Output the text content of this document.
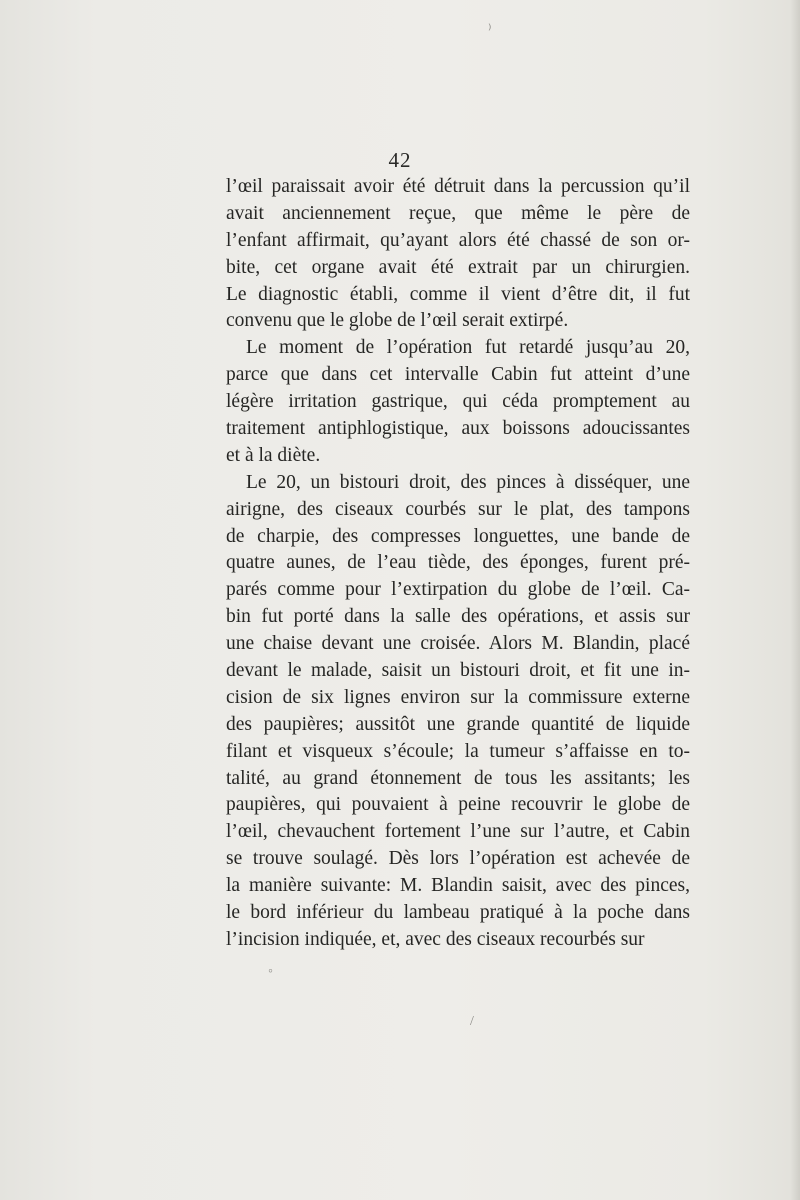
42
l’œil paraissait avoir été détruit dans la percussion qu’il
avait anciennement reçue, que même le père de
l’enfant affirmait, qu’ayant alors été chassé de son or-
bite, cet organe avait été extrait par un chirurgien.
Le diagnostic établi, comme il vient d’être dit, il fut
convenu que le globe de l’œil serait extirpé.
Le moment de l’opération fut retardé jusqu’au 20,
parce que dans cet intervalle Cabin fut atteint d’une
légère irritation gastrique, qui céda promptement au
traitement antiphlogistique, aux boissons adoucissantes
et à la diète.
Le 20, un bistouri droit, des pinces à disséquer, une
airigne, des ciseaux courbés sur le plat, des tampons
de charpie, des compresses longuettes, une bande de
quatre aunes, de l’eau tiède, des éponges, furent pré-
parés comme pour l’extirpation du globe de l’œil. Ca-
bin fut porté dans la salle des opérations, et assis sur
une chaise devant une croisée. Alors M. Blandin, placé
devant le malade, saisit un bistouri droit, et fit une in-
cision de six lignes environ sur la commissure externe
des paupières; aussitôt une grande quantité de liquide
filant et visqueux s’écoule; la tumeur s’affaisse en to-
talité, au grand étonnement de tous les assitants; les
paupières, qui pouvaient à peine recouvrir le globe de
l’œil, chevauchent fortement l’une sur l’autre, et Cabin
se trouve soulagé. Dès lors l’opération est achevée de
la manière suivante: M. Blandin saisit, avec des pinces,
le bord inférieur du lambeau pratiqué à la poche dans
l’incision indiquée, et, avec des ciseaux recourbés sur
⁾
◦
/
